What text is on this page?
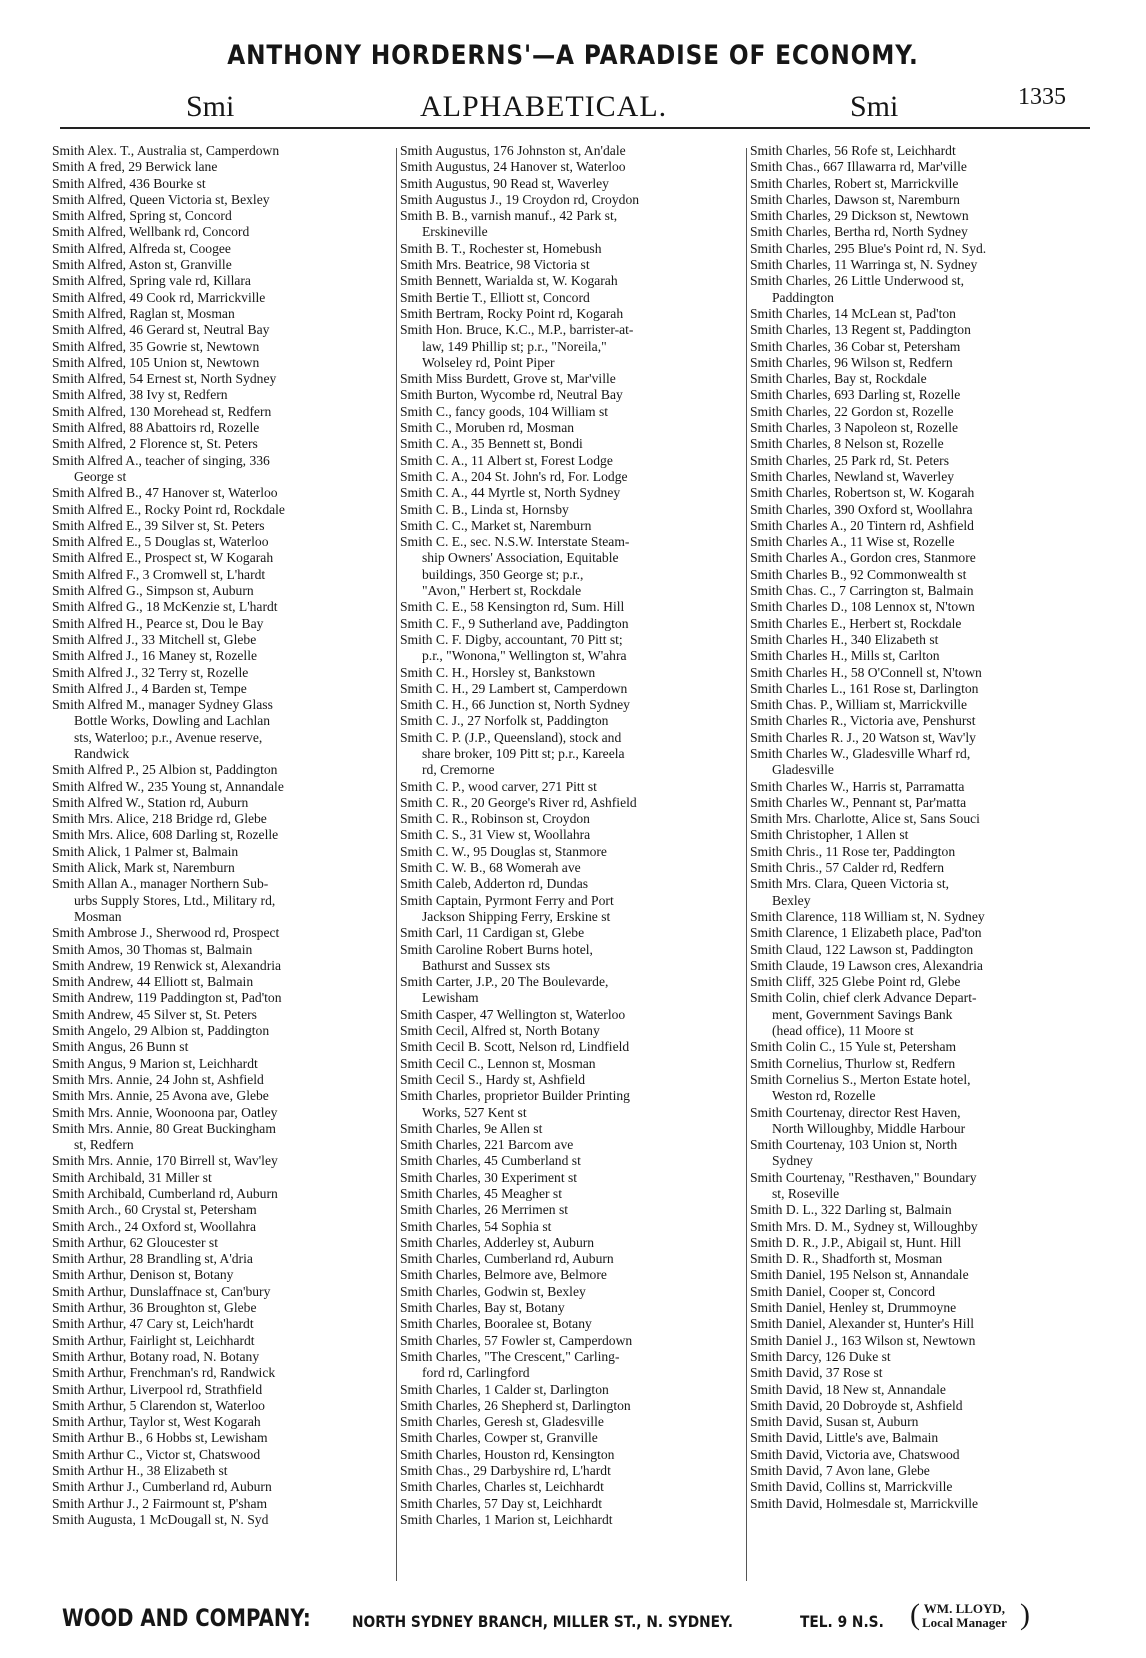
ANTHONY HORDERNS'—A PARADISE OF ECONOMY.
Smi	ALPHABETICAL.	Smi	1335
Smith Alex. T., Australia st, Camperdown
Smith A fred, 29 Berwick lane
Smith Alfred, 436 Bourke st
Smith Alfred, Queen Victoria st, Bexley
Smith Alfred, Spring st, Concord
Smith Alfred, Wellbank rd, Concord
Smith Alfred, Alfreda st, Coogee
Smith Alfred, Aston st, Granville
Smith Alfred, Spring vale rd, Killara
Smith Alfred, 49 Cook rd, Marrickville
Smith Alfred, Raglan st, Mosman
Smith Alfred, 46 Gerard st, Neutral Bay
Smith Alfred, 35 Gowrie st, Newtown
Smith Alfred, 105 Union st, Newtown
Smith Alfred, 54 Ernest st, North Sydney
Smith Alfred, 38 Ivy st, Redfern
Smith Alfred, 130 Morehead st, Redfern
Smith Alfred, 88 Abattoirs rd, Rozelle
Smith Alfred, 2 Florence st, St. Peters
Smith Alfred A., teacher of singing, 336
George st
Smith Alfred B., 47 Hanover st, Waterloo
Smith Alfred E., Rocky Point rd, Rockdale
Smith Alfred E., 39 Silver st, St. Peters
Smith Alfred E., 5 Douglas st, Waterloo
Smith Alfred E., Prospect st, W Kogarah
Smith Alfred F., 3 Cromwell st, L'hardt
Smith Alfred G., Simpson st, Auburn
Smith Alfred G., 18 McKenzie st, L'hardt
Smith Alfred H., Pearce st, Dou le Bay
Smith Alfred J., 33 Mitchell st, Glebe
Smith Alfred J., 16 Maney st, Rozelle
Smith Alfred J., 32 Terry st, Rozelle
Smith Alfred J., 4 Barden st, Tempe
Smith Alfred M., manager Sydney Glass
Bottle Works, Dowling and Lachlan
sts, Waterloo; p.r., Avenue reserve,
Randwick
Smith Alfred P., 25 Albion st, Paddington
Smith Alfred W., 235 Young st, Annandale
Smith Alfred W., Station rd, Auburn
Smith Mrs. Alice, 218 Bridge rd, Glebe
Smith Mrs. Alice, 608 Darling st, Rozelle
Smith Alick, 1 Palmer st, Balmain
Smith Alick, Mark st, Naremburn
Smith Allan A., manager Northern Sub-
urbs Supply Stores, Ltd., Military rd,
Mosman
Smith Ambrose J., Sherwood rd, Prospect
Smith Amos, 30 Thomas st, Balmain
Smith Andrew, 19 Renwick st, Alexandria
Smith Andrew, 44 Elliott st, Balmain
Smith Andrew, 119 Paddington st, Pad'ton
Smith Andrew, 45 Silver st, St. Peters
Smith Angelo, 29 Albion st, Paddington
Smith Angus, 26 Bunn st
Smith Angus, 9 Marion st, Leichhardt
Smith Mrs. Annie, 24 John st, Ashfield
Smith Mrs. Annie, 25 Avona ave, Glebe
Smith Mrs. Annie, Woonoona par, Oatley
Smith Mrs. Annie, 80 Great Buckingham
st, Redfern
Smith Mrs. Annie, 170 Birrell st, Wav'ley
Smith Archibald, 31 Miller st
Smith Archibald, Cumberland rd, Auburn
Smith Arch., 60 Crystal st, Petersham
Smith Arch., 24 Oxford st, Woollahra
Smith Arthur, 62 Gloucester st
Smith Arthur, 28 Brandling st, A'dria
Smith Arthur, Denison st, Botany
Smith Arthur, Dunslaffnace st, Can'bury
Smith Arthur, 36 Broughton st, Glebe
Smith Arthur, 47 Cary st, Leich'hardt
Smith Arthur, Fairlight st, Leichhardt
Smith Arthur, Botany road, N. Botany
Smith Arthur, Frenchman's rd, Randwick
Smith Arthur, Liverpool rd, Strathfield
Smith Arthur, 5 Clarendon st, Waterloo
Smith Arthur, Taylor st, West Kogarah
Smith Arthur B., 6 Hobbs st, Lewisham
Smith Arthur C., Victor st, Chatswood
Smith Arthur H., 38 Elizabeth st
Smith Arthur J., Cumberland rd, Auburn
Smith Arthur J., 2 Fairmount st, P'sham
Smith Augusta, 1 McDougall st, N. Syd
Smith Augustus, 176 Johnston st, An'dale
Smith Augustus, 24 Hanover st, Waterloo
Smith Augustus, 90 Read st, Waverley
Smith Augustus J., 19 Croydon rd, Croydon
Smith B. B., varnish manuf., 42 Park st,
Erskineville
Smith B. T., Rochester st, Homebush
Smith Mrs. Beatrice, 98 Victoria st
Smith Bennett, Warialda st, W. Kogarah
Smith Bertie T., Elliott st, Concord
Smith Bertram, Rocky Point rd, Kogarah
Smith Hon. Bruce, K.C., M.P., barrister-at-
law, 149 Phillip st; p.r., "Noreila,"
Wolseley rd, Point Piper
Smith Miss Burdett, Grove st, Mar'ville
Smith Burton, Wycombe rd, Neutral Bay
Smith C., fancy goods, 104 William st
Smith C., Moruben rd, Mosman
Smith C. A., 35 Bennett st, Bondi
Smith C. A., 11 Albert st, Forest Lodge
Smith C. A., 204 St. John's rd, For. Lodge
Smith C. A., 44 Myrtle st, North Sydney
Smith C. B., Linda st, Hornsby
Smith C. C., Market st, Naremburn
Smith C. E., sec. N.S.W. Interstate Steam-
ship Owners' Association, Equitable
buildings, 350 George st; p.r.,
"Avon," Herbert st, Rockdale
Smith C. E., 58 Kensington rd, Sum. Hill
Smith C. F., 9 Sutherland ave, Paddington
Smith C. F. Digby, accountant, 70 Pitt st;
p.r., "Wonona," Wellington st, W'ahra
Smith C. H., Horsley st, Bankstown
Smith C. H., 29 Lambert st, Camperdown
Smith C. H., 66 Junction st, North Sydney
Smith C. J., 27 Norfolk st, Paddington
Smith C. P. (J.P., Queensland), stock and
share broker, 109 Pitt st; p.r., Kareela
rd, Cremorne
Smith C. P., wood carver, 271 Pitt st
Smith C. R., 20 George's River rd, Ashfield
Smith C. R., Robinson st, Croydon
Smith C. S., 31 View st, Woollahra
Smith C. W., 95 Douglas st, Stanmore
Smith C. W. B., 68 Womerah ave
Smith Caleb, Adderton rd, Dundas
Smith Captain, Pyrmont Ferry and Port
Jackson Shipping Ferry, Erskine st
Smith Carl, 11 Cardigan st, Glebe
Smith Caroline Robert Burns hotel,
Bathurst and Sussex sts
Smith Carter, J.P., 20 The Boulevarde,
Lewisham
Smith Casper, 47 Wellington st, Waterloo
Smith Cecil, Alfred st, North Botany
Smith Cecil B. Scott, Nelson rd, Lindfield
Smith Cecil C., Lennon st, Mosman
Smith Cecil S., Hardy st, Ashfield
Smith Charles, proprietor Builder Printing
Works, 527 Kent st
Smith Charles, 9e Allen st
Smith Charles, 221 Barcom ave
Smith Charles, 45 Cumberland st
Smith Charles, 30 Experiment st
Smith Charles, 45 Meagher st
Smith Charles, 26 Merrimen st
Smith Charles, 54 Sophia st
Smith Charles, Adderley st, Auburn
Smith Charles, Cumberland rd, Auburn
Smith Charles, Belmore ave, Belmore
Smith Charles, Godwin st, Bexley
Smith Charles, Bay st, Botany
Smith Charles, Booralee st, Botany
Smith Charles, 57 Fowler st, Camperdown
Smith Charles, "The Crescent," Carling-
ford rd, Carlingford
Smith Charles, 1 Calder st, Darlington
Smith Charles, 26 Shepherd st, Darlington
Smith Charles, Geresh st, Gladesville
Smith Charles, Cowper st, Granville
Smith Charles, Houston rd, Kensington
Smith Chas., 29 Darbyshire rd, L'hardt
Smith Charles, Charles st, Leichhardt
Smith Charles, 57 Day st, Leichhardt
Smith Charles, 1 Marion st, Leichhardt
Smith Charles, 56 Rofe st, Leichhardt
Smith Chas., 667 Illawarra rd, Mar'ville
Smith Charles, Robert st, Marrickville
Smith Charles, Dawson st, Naremburn
Smith Charles, 29 Dickson st, Newtown
Smith Charles, Bertha rd, North Sydney
Smith Charles, 295 Blue's Point rd, N. Syd.
Smith Charles, 11 Warringa st, N. Sydney
Smith Charles, 26 Little Underwood st,
Paddington
Smith Charles, 14 McLean st, Pad'ton
Smith Charles, 13 Regent st, Paddington
Smith Charles, 36 Cobar st, Petersham
Smith Charles, 96 Wilson st, Redfern
Smith Charles, Bay st, Rockdale
Smith Charles, 693 Darling st, Rozelle
Smith Charles, 22 Gordon st, Rozelle
Smith Charles, 3 Napoleon st, Rozelle
Smith Charles, 8 Nelson st, Rozelle
Smith Charles, 25 Park rd, St. Peters
Smith Charles, Newland st, Waverley
Smith Charles, Robertson st, W. Kogarah
Smith Charles, 390 Oxford st, Woollahra
Smith Charles A., 20 Tintern rd, Ashfield
Smith Charles A., 11 Wise st, Rozelle
Smith Charles A., Gordon cres, Stanmore
Smith Charles B., 92 Commonwealth st
Smith Chas. C., 7 Carrington st, Balmain
Smith Charles D., 108 Lennox st, N'town
Smith Charles E., Herbert st, Rockdale
Smith Charles H., 340 Elizabeth st
Smith Charles H., Mills st, Carlton
Smith Charles H., 58 O'Connell st, N'town
Smith Charles L., 161 Rose st, Darlington
Smith Chas. P., William st, Marrickville
Smith Charles R., Victoria ave, Penshurst
Smith Charles R. J., 20 Watson st, Wav'ly
Smith Charles W., Gladesville Wharf rd,
Gladesville
Smith Charles W., Harris st, Parramatta
Smith Charles W., Pennant st, Par'matta
Smith Mrs. Charlotte, Alice st, Sans Souci
Smith Christopher, 1 Allen st
Smith Chris., 11 Rose ter, Paddington
Smith Chris., 57 Calder rd, Redfern
Smith Mrs. Clara, Queen Victoria st,
Bexley
Smith Clarence, 118 William st, N. Sydney
Smith Clarence, 1 Elizabeth place, Pad'ton
Smith Claud, 122 Lawson st, Paddington
Smith Claude, 19 Lawson cres, Alexandria
Smith Cliff, 325 Glebe Point rd, Glebe
Smith Colin, chief clerk Advance Depart-
ment, Government Savings Bank
(head office), 11 Moore st
Smith Colin C., 15 Yule st, Petersham
Smith Cornelius, Thurlow st, Redfern
Smith Cornelius S., Merton Estate hotel,
Weston rd, Rozelle
Smith Courtenay, director Rest Haven,
North Willoughby, Middle Harbour
Smith Courtenay, 103 Union st, North
Sydney
Smith Courtenay, "Resthaven," Boundary
st, Roseville
Smith D. L., 322 Darling st, Balmain
Smith Mrs. D. M., Sydney st, Willoughby
Smith D. R., J.P., Abigail st, Hunt. Hill
Smith D. R., Shadforth st, Mosman
Smith Daniel, 195 Nelson st, Annandale
Smith Daniel, Cooper st, Concord
Smith Daniel, Henley st, Drummoyne
Smith Daniel, Alexander st, Hunter's Hill
Smith Daniel J., 163 Wilson st, Newtown
Smith Darcy, 126 Duke st
Smith David, 37 Rose st
Smith David, 18 New st, Annandale
Smith David, 20 Dobroyde st, Ashfield
Smith David, Susan st, Auburn
Smith David, Little's ave, Balmain
Smith David, Victoria ave, Chatswood
Smith David, 7 Avon lane, Glebe
Smith David, Collins st, Marrickville
Smith David, Holmesdale st, Marrickville
WOOD AND COMPANY:	NORTH SYDNEY BRANCH, MILLER ST., N. SYDNEY.	TEL. 9 N.S. ( WM. LLOYD,
Local Manager )
